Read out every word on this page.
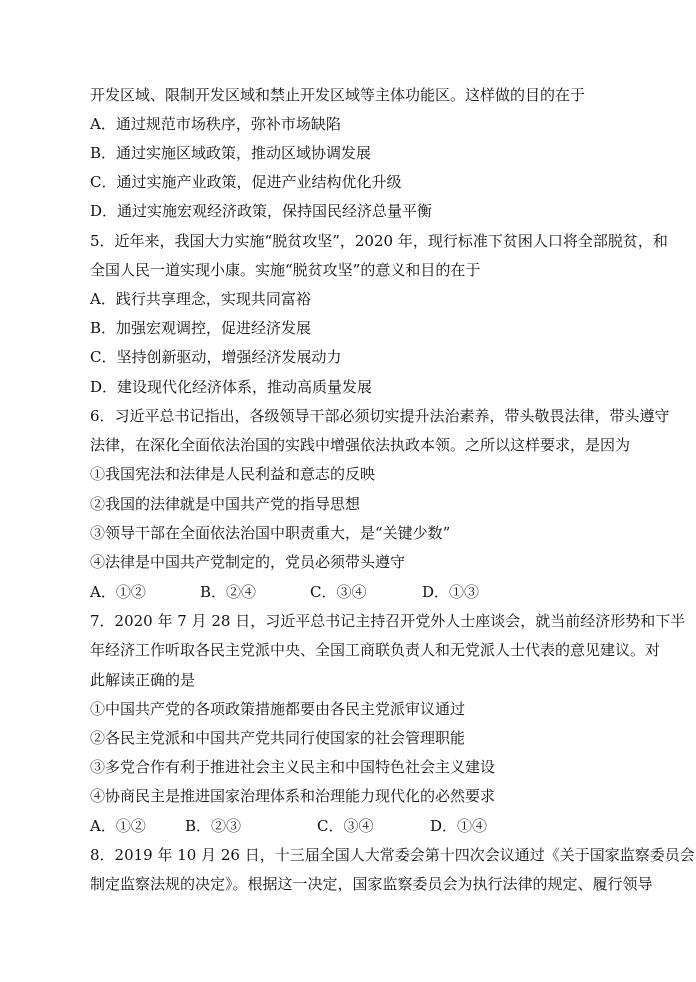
开发区域、限制开发区域和禁止开发区域等主体功能区。这样做的目的在于
A．通过规范市场秩序，弥补市场缺陷
B．通过实施区域政策，推动区域协调发展
C．通过实施产业政策，促进产业结构优化升级
D．通过实施宏观经济政策，保持国民经济总量平衡
5．近年来，我国大力实施“脱贫攻坚”，2020 年，现行标准下贫困人口将全部脱贫，和
全国人民一道实现小康。实施“脱贫攻坚”的意义和目的在于
A．践行共享理念，实现共同富裕
B．加强宏观调控，促进经济发展
C．坚持创新驱动，增强经济发展动力
D．建设现代化经济体系，推动高质量发展
6．习近平总书记指出，各级领导干部必须切实提升法治素养，带头敬畏法律，带头遵守
法律，在深化全面依法治国的实践中增强依法执政本领。之所以这样要求，是因为
①我国宪法和法律是人民利益和意志的反映
②我国的法律就是中国共产党的指导思想
③领导干部在全面依法治国中职责重大，是“关键少数”
④法律是中国共产党制定的，党员必须带头遵守
A．①②	B．②④	C．③④	D．①③
7．2020 年 7 月 28 日，习近平总书记主持召开党外人士座谈会，就当前经济形势和下半
年经济工作听取各民主党派中央、全国工商联负责人和无党派人士代表的意见建议。对
此解读正确的是
①中国共产党的各项政策措施都要由各民主党派审议通过
②各民主党派和中国共产党共同行使国家的社会管理职能
③多党合作有利于推进社会主义民主和中国特色社会主义建设
④协商民主是推进国家治理体系和治理能力现代化的必然要求
A．①②	B．②③	C．③④	D．①④
8．2019 年 10 月 26 日，十三届全国人大常委会第十四次会议通过《关于国家监察委员会
制定监察法规的决定》。根据这一决定，国家监察委员会为执行法律的规定、履行领导
